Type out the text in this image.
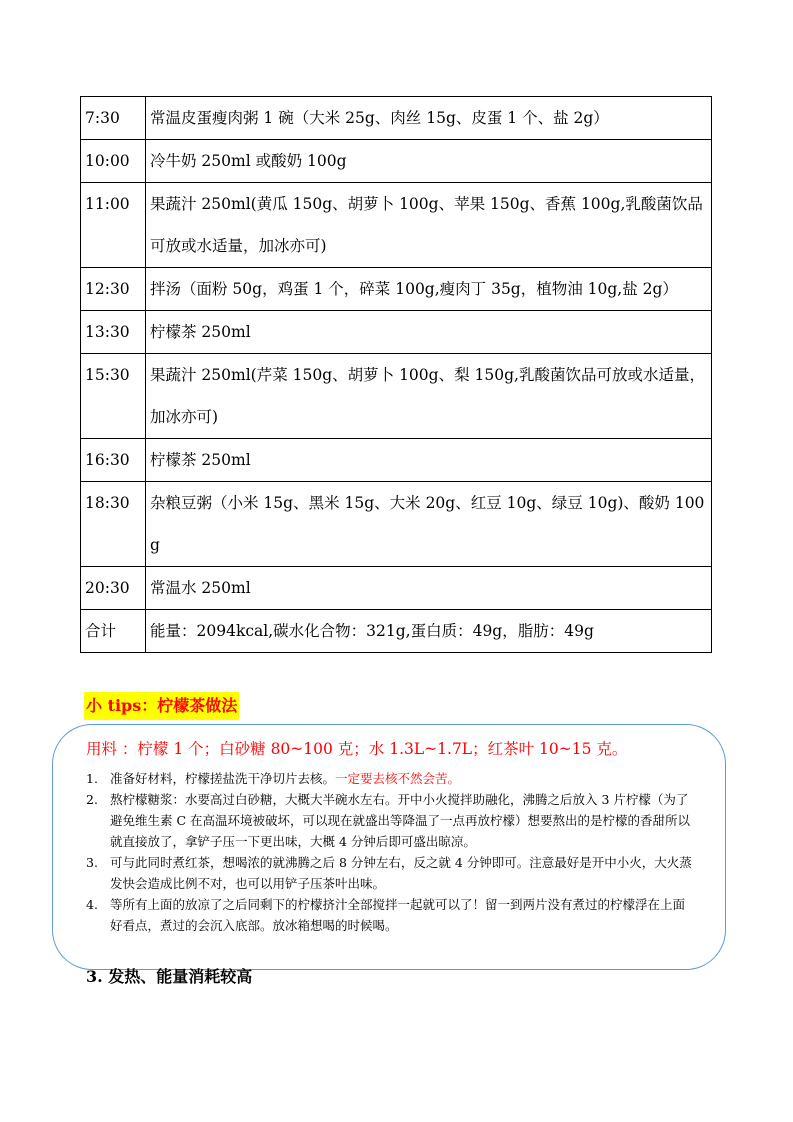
7:30	常温皮蛋瘦肉粥 1 碗（大米 25g、肉丝 15g、皮蛋 1 个、盐 2g）
10:00	冷牛奶 250ml 或酸奶 100g
11:00	果蔬汁 250ml(黄瓜 150g、胡萝卜 100g、苹果 150g、香蕉 100g,乳酸菌饮品可放或水适量，加冰亦可)
12:30	拌汤（面粉 50g，鸡蛋 1 个，碎菜 100g,瘦肉丁 35g，植物油 10g,盐 2g）
13:30	柠檬茶 250ml
15:30	果蔬汁 250ml(芹菜 150g、胡萝卜 100g、梨 150g,乳酸菌饮品可放或水适量，加冰亦可)
16:30	柠檬茶 250ml
18:30	杂粮豆粥（小米 15g、黑米 15g、大米 20g、红豆 10g、绿豆 10g)、酸奶 100g
20:30	常温水 250ml
合计	能量：2094kcal,碳水化合物：321g,蛋白质：49g，脂肪：49g
小 tips：柠檬茶做法
用料 ：柠檬 1 个；白砂糖 80~100 克；水 1.3L~1.7L；红茶叶 10~15 克。
1. 准备好材料，柠檬搓盐洗干净切片去核。一定要去核不然会苦。
2. 熬柠檬糖浆：水要高过白砂糖，大概大半碗水左右。开中小火搅拌助融化，沸腾之后放入 3 片柠檬（为了避免维生素 C 在高温环境被破坏，可以现在就盛出等降温了一点再放柠檬）想要熬出的是柠檬的香甜所以就直接放了，拿铲子压一下更出味，大概 4 分钟后即可盛出晾凉。
3. 可与此同时煮红茶，想喝浓的就沸腾之后 8 分钟左右，反之就 4 分钟即可。注意最好是开中小火，大火蒸发快会造成比例不对，也可以用铲子压茶叶出味。
4. 等所有上面的放凉了之后同剩下的柠檬挤汁全部搅拌一起就可以了！留一到两片没有煮过的柠檬浮在上面好看点，煮过的会沉入底部。放冰箱想喝的时候喝。
3. 发热、能量消耗较高
